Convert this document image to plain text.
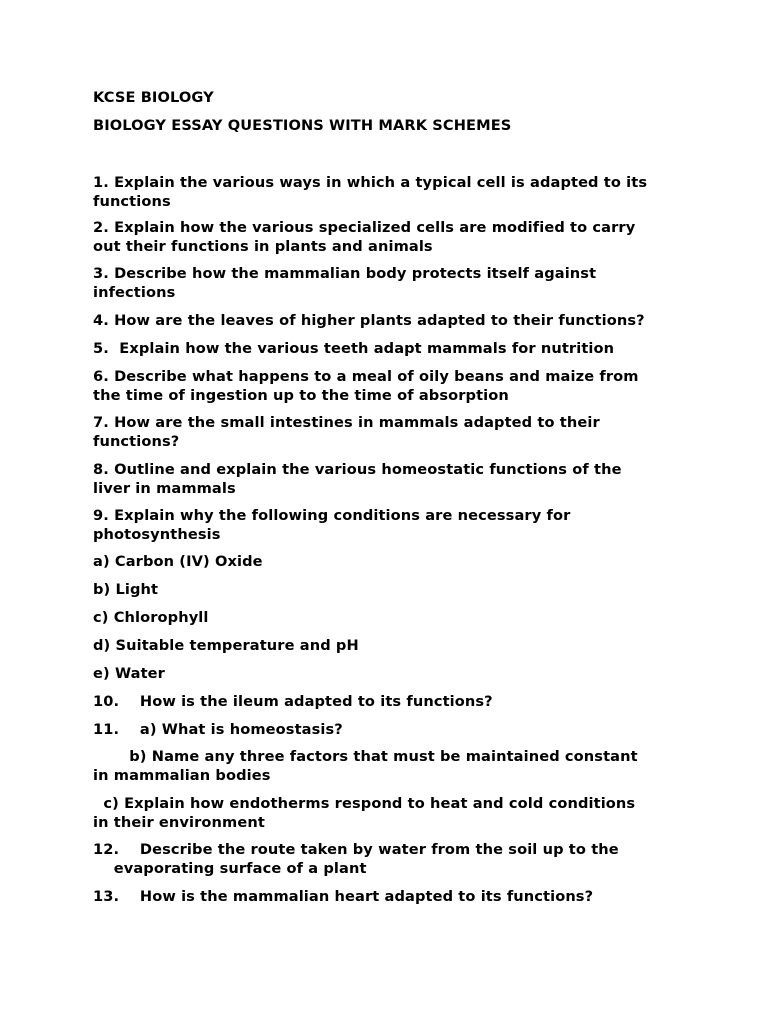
KCSE BIOLOGY
BIOLOGY ESSAY QUESTIONS WITH MARK SCHEMES
1. Explain the various ways in which a typical cell is adapted to its
functions
2. Explain how the various specialized cells are modified to carry
out their functions in plants and animals
3. Describe how the mammalian body protects itself against
infections
4. How are the leaves of higher plants adapted to their functions?
5.  Explain how the various teeth adapt mammals for nutrition
6. Describe what happens to a meal of oily beans and maize from
the time of ingestion up to the time of absorption
7. How are the small intestines in mammals adapted to their
functions?
8. Outline and explain the various homeostatic functions of the
liver in mammals
9. Explain why the following conditions are necessary for
photosynthesis
a) Carbon (IV) Oxide
b) Light
c) Chlorophyll
d) Suitable temperature and pH
e) Water
10.    How is the ileum adapted to its functions?
11.    a) What is homeostasis?
b) Name any three factors that must be maintained constant
in mammalian bodies
c) Explain how endotherms respond to heat and cold conditions
in their environment
12.    Describe the route taken by water from the soil up to the
evaporating surface of a plant
13.    How is the mammalian heart adapted to its functions?
